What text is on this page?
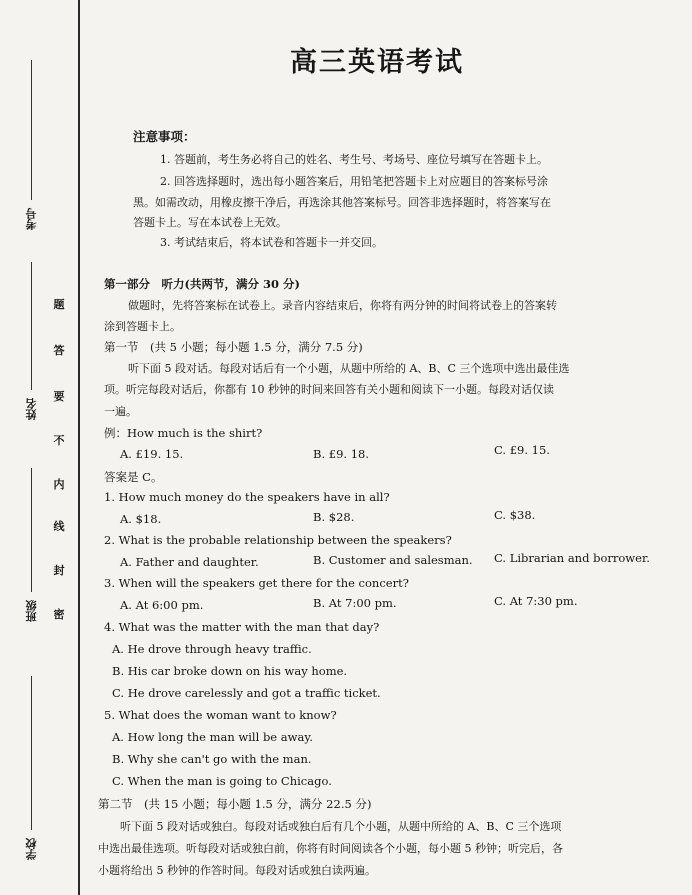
考号
姓名
班级
学校
题
答
要
不
内
线
封
密
高三英语考试
注意事项：
1. 答题前，考生务必将自己的姓名、考生号、考场号、座位号填写在答题卡上。
2. 回答选择题时，选出每小题答案后，用铅笔把答题卡上对应题目的答案标号涂
黑。如需改动，用橡皮擦干净后，再选涂其他答案标号。回答非选择题时，将答案写在
答题卡上。写在本试卷上无效。
3. 考试结束后，将本试卷和答题卡一并交回。
第一部分　听力(共两节，满分 30 分)
做题时，先将答案标在试卷上。录音内容结束后，你将有两分钟的时间将试卷上的答案转
涂到答题卡上。
第一节　(共 5 小题；每小题 1.5 分，满分 7.5 分)
听下面 5 段对话。每段对话后有一个小题，从题中所给的 A、B、C 三个选项中选出最佳选
项。听完每段对话后，你都有 10 秒钟的时间来回答有关小题和阅读下一小题。每段对话仅读
一遍。
例：How much is the shirt?
A. £19. 15.	B. £9. 18.	C. £9. 15.
答案是 C。
1. How much money do the speakers have in all?
A. $18.	B. $28.	C. $38.
2. What is the probable relationship between the speakers?
A. Father and daughter.	B. Customer and salesman. C. Librarian and borrower.
3. When will the speakers get there for the concert?
A. At 6:00 pm.	B. At 7:00 pm.	C. At 7:30 pm.
4. What was the matter with the man that day?
A. He drove through heavy traffic.
B. His car broke down on his way home.
C. He drove carelessly and got a traffic ticket.
5. What does the woman want to know?
A. How long the man will be away.
B. Why she can't go with the man.
C. When the man is going to Chicago.
第二节　(共 15 小题；每小题 1.5 分，满分 22.5 分)
听下面 5 段对话或独白。每段对话或独白后有几个小题，从题中所给的 A、B、C 三个选项
中选出最佳选项。听每段对话或独白前，你将有时间阅读各个小题，每小题 5 秒钟；听完后，各
小题将给出 5 秒钟的作答时间。每段对话或独白读两遍。
